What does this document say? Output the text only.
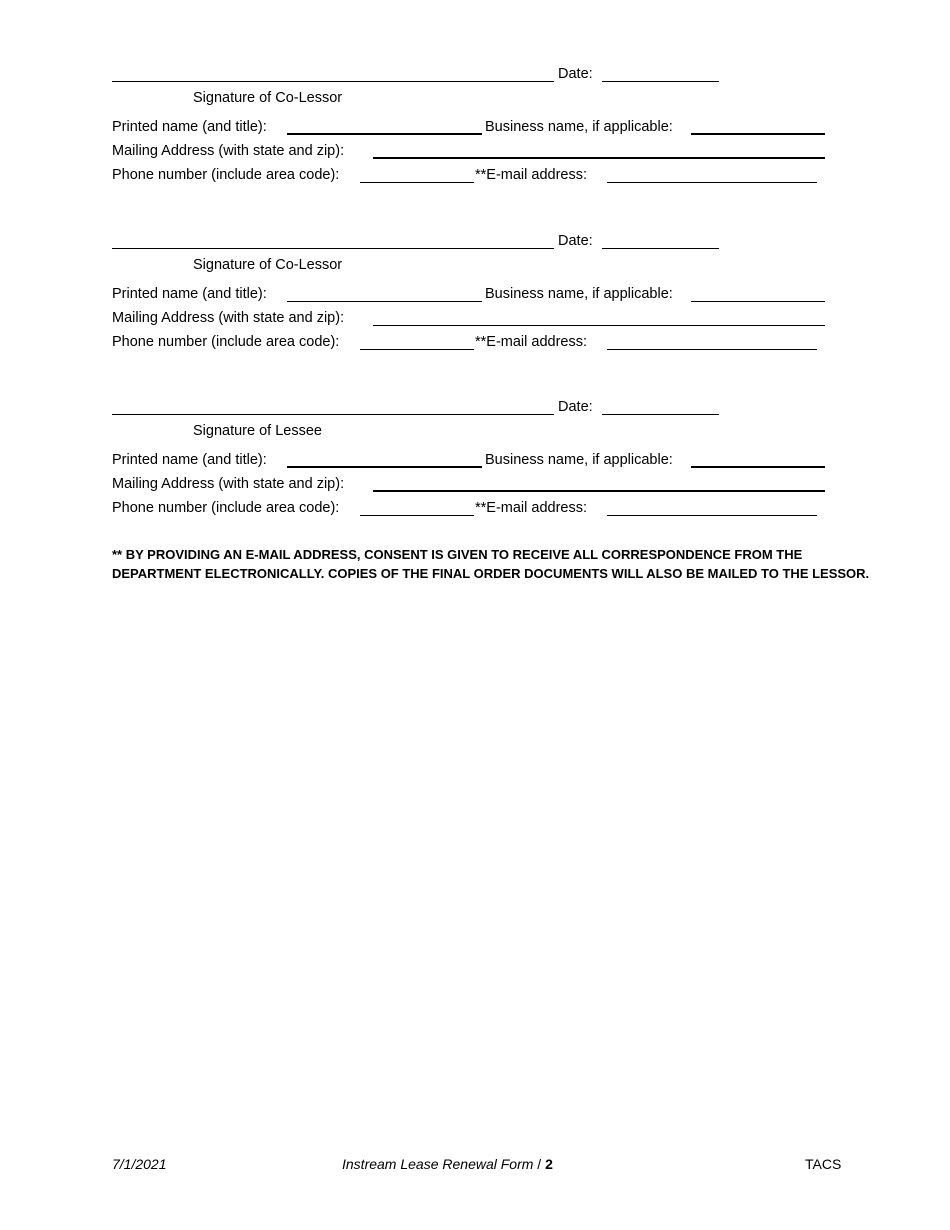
Date:
Signature of Co-Lessor
Printed name (and title):	Business name, if applicable:
Mailing Address (with state and zip):
Phone number (include area code):	**E-mail address:
Date:
Signature of Co-Lessor
Printed name (and title):	Business name, if applicable:
Mailing Address (with state and zip):
Phone number (include area code):	**E-mail address:
Date:
Signature of Lessee
Printed name (and title):	Business name, if applicable:
Mailing Address (with state and zip):
Phone number (include area code):	**E-mail address:
** BY PROVIDING AN E-MAIL ADDRESS, CONSENT IS GIVEN TO RECEIVE ALL CORRESPONDENCE FROM THE DEPARTMENT ELECTRONICALLY. COPIES OF THE FINAL ORDER DOCUMENTS WILL ALSO BE MAILED TO THE LESSOR.
7/1/2021	Instream Lease Renewal Form / 2	TACS
